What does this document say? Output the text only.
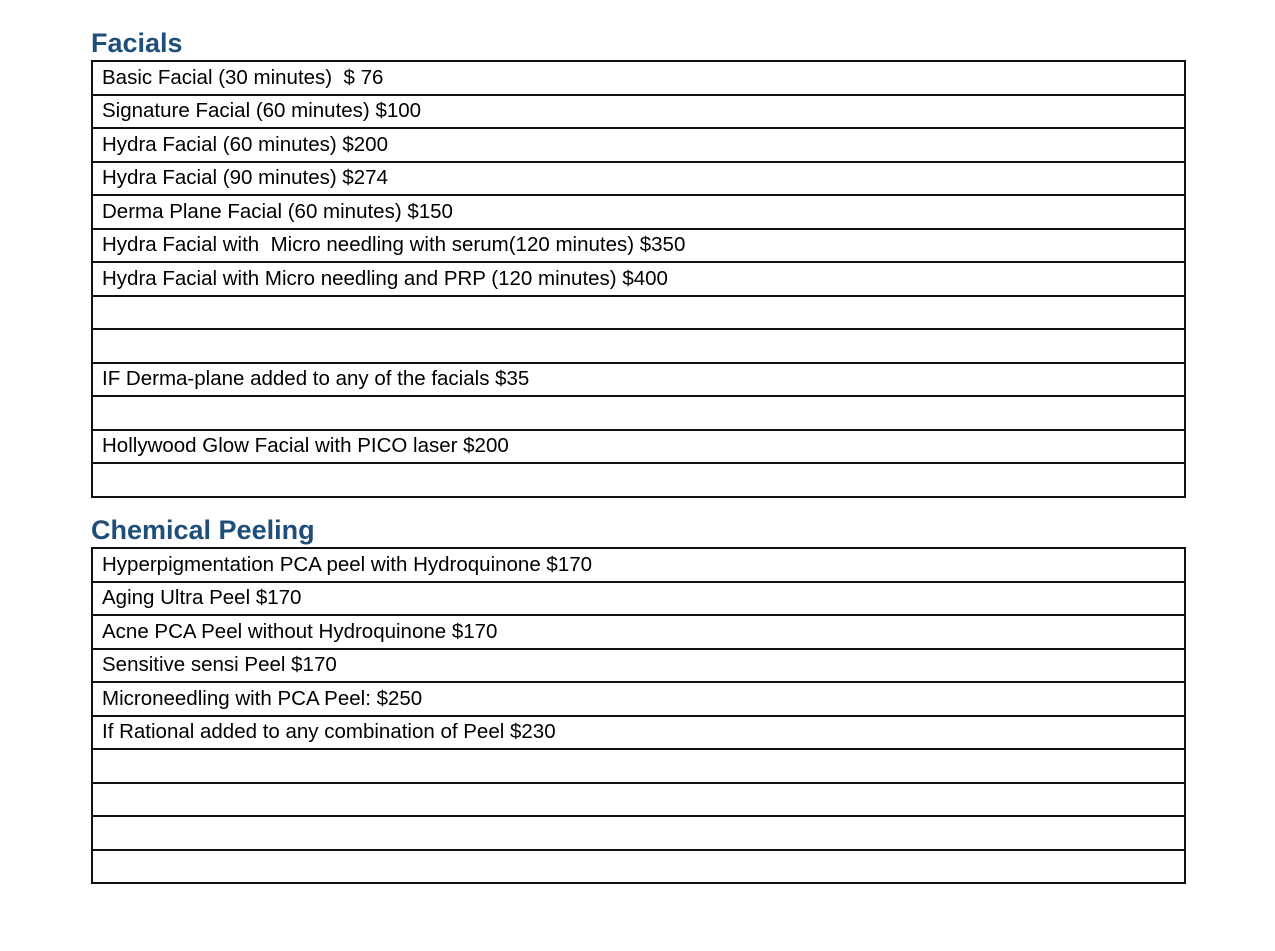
Facials
Basic Facial (30 minutes)  $ 76
Signature Facial (60 minutes) $100
Hydra Facial (60 minutes) $200
Hydra Facial (90 minutes) $274
Derma Plane Facial (60 minutes) $150
Hydra Facial with  Micro needling with serum(120 minutes) $350
Hydra Facial with Micro needling and PRP (120 minutes) $400

IF Derma-plane added to any of the facials $35

Hollywood Glow Facial with PICO laser $200

Chemical Peeling
Hyperpigmentation PCA peel with Hydroquinone $170
Aging Ultra Peel $170
Acne PCA Peel without Hydroquinone $170
Sensitive sensi Peel $170
Microneedling with PCA Peel: $250
If Rational added to any combination of Peel $230
